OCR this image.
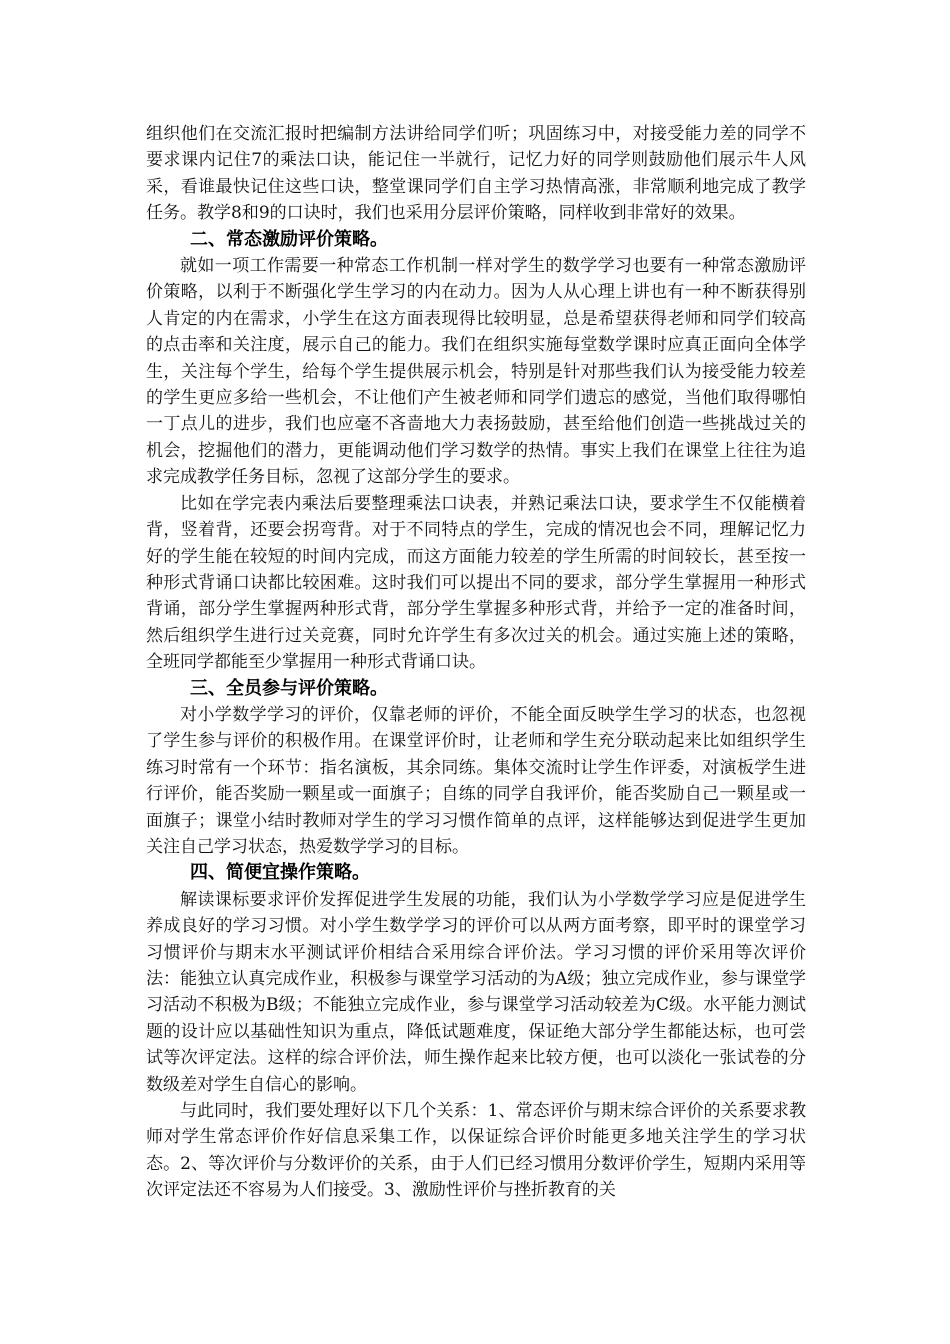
组织他们在交流汇报时把编制方法讲给同学们听；巩固练习中，对接受能力差的同学不要求课内记住7的乘法口诀，能记住一半就行，记忆力好的同学则鼓励他们展示牛人风采，看谁最快记住这些口诀，整堂课同学们自主学习热情高涨，非常顺利地完成了教学任务。教学8和9的口诀时，我们也采用分层评价策略，同样收到非常好的效果。

二、常态激励评价策略。

就如一项工作需要一种常态工作机制一样对学生的数学学习也要有一种常态激励评价策略，以利于不断强化学生学习的内在动力。因为人从心理上讲也有一种不断获得别人肯定的内在需求，小学生在这方面表现得比较明显，总是希望获得老师和同学们较高的点击率和关注度，展示自己的能力。我们在组织实施每堂数学课时应真正面向全体学生，关注每个学生，给每个学生提供展示机会，特别是针对那些我们认为接受能力较差的学生更应多给一些机会，不让他们产生被老师和同学们遗忘的感觉，当他们取得哪怕一丁点儿的进步，我们也应毫不吝啬地大力表扬鼓励，甚至给他们创造一些挑战过关的机会，挖掘他们的潜力，更能调动他们学习数学的热情。事实上我们在课堂上往往为追求完成教学任务目标，忽视了这部分学生的要求。

比如在学完表内乘法后要整理乘法口诀表，并熟记乘法口诀，要求学生不仅能横着背，竖着背，还要会拐弯背。对于不同特点的学生，完成的情况也会不同，理解记忆力好的学生能在较短的时间内完成，而这方面能力较差的学生所需的时间较长，甚至按一种形式背诵口诀都比较困难。这时我们可以提出不同的要求，部分学生掌握用一种形式背诵，部分学生掌握两种形式背，部分学生掌握多种形式背，并给予一定的准备时间，然后组织学生进行过关竞赛，同时允许学生有多次过关的机会。通过实施上述的策略，全班同学都能至少掌握用一种形式背诵口诀。

三、全员参与评价策略。

对小学数学学习的评价，仅靠老师的评价，不能全面反映学生学习的状态，也忽视了学生参与评价的积极作用。在课堂评价时，让老师和学生充分联动起来比如组织学生练习时常有一个环节：指名演板，其余同练。集体交流时让学生作评委，对演板学生进行评价，能否奖励一颗星或一面旗子；自练的同学自我评价，能否奖励自己一颗星或一面旗子；课堂小结时教师对学生的学习习惯作简单的点评，这样能够达到促进学生更加关注自己学习状态，热爱数学学习的目标。

四、简便宜操作策略。

解读课标要求评价发挥促进学生发展的功能，我们认为小学数学学习应是促进学生养成良好的学习习惯。对小学生数学学习的评价可以从两方面考察，即平时的课堂学习习惯评价与期末水平测试评价相结合采用综合评价法。学习习惯的评价采用等次评价法：能独立认真完成作业，积极参与课堂学习活动的为A级；独立完成作业，参与课堂学习活动不积极为B级；不能独立完成作业，参与课堂学习活动较差为C级。水平能力测试题的设计应以基础性知识为重点，降低试题难度，保证绝大部分学生都能达标，也可尝试等次评定法。这样的综合评价法，师生操作起来比较方便，也可以淡化一张试卷的分数级差对学生自信心的影响。

与此同时，我们要处理好以下几个关系：1、常态评价与期末综合评价的关系要求教师对学生常态评价作好信息采集工作，以保证综合评价时能更多地关注学生的学习状态。2、等次评价与分数评价的关系，由于人们已经习惯用分数评价学生，短期内采用等次评定法还不容易为人们接受。3、激励性评价与挫折教育的关
